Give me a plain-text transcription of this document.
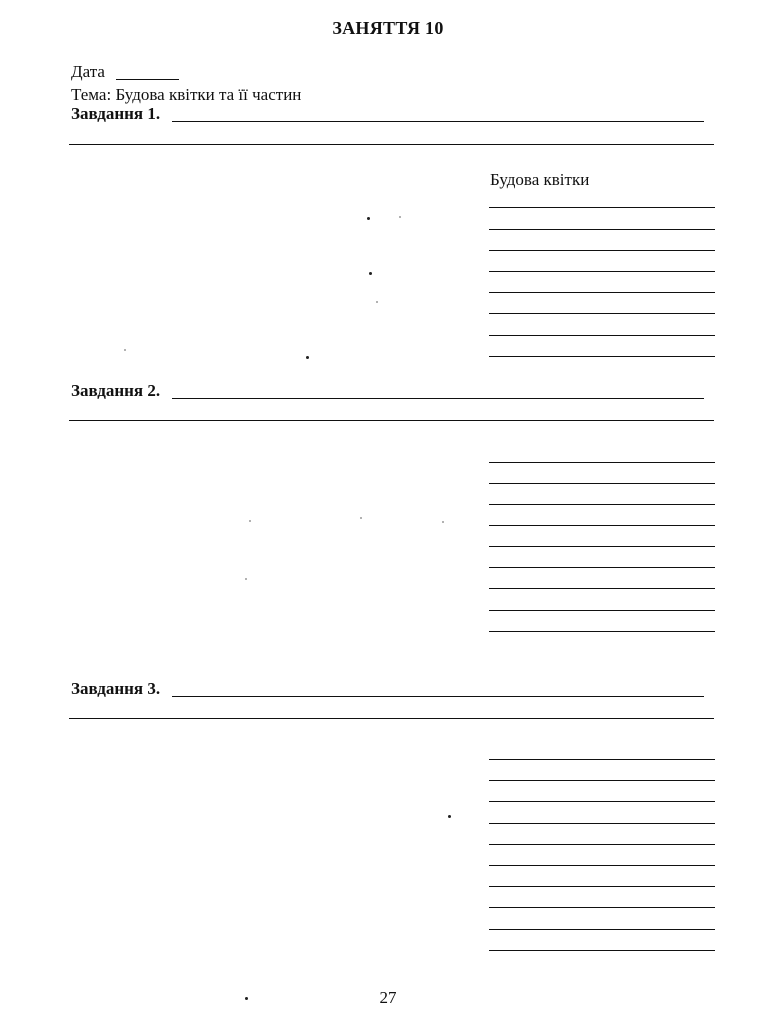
ЗАНЯТТЯ 10
Дата
Тема: Будова квітки та її частин
Завдання 1.
Будова квітки
Завдання 2.
Завдання 3.
27
